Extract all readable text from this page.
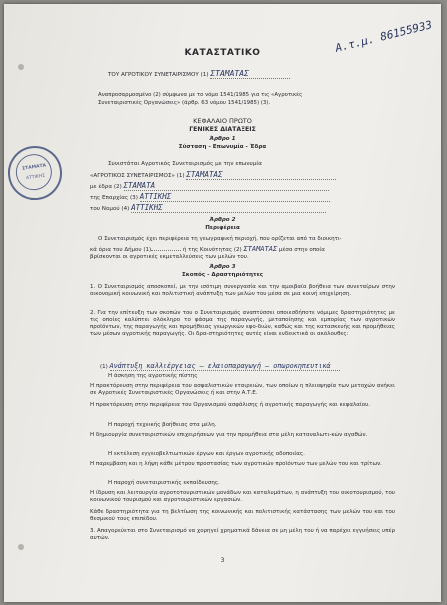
Α.τ.μ. 86155933
ΚΑΤΑΣΤΑΤΙΚΟ
ΤΟΥ ΑΓΡΟΤΙΚΟΥ ΣΥΝΕΤΑΙΡΙΣΜΟΥ (1) ΣΤΑΜΑΤΑΣ
Αναπροσαρμοσμένο (2) σύμφωνα με το νόμο 1541/1985 για τις «Αγροτικές
Συνεταιριστικές Οργανώσεις» (άρθρ. 63 νόμου 1541/1985) (3).
ΚΕΦΑΛΑΙΟ ΠΡΩΤΟ
ΓΕΝΙΚΕΣ ΔΙΑΤΑΞΕΙΣ
Άρθρο 1
Σύσταση - Επωνυμία - Έδρα
ΣΤΑΜΑΤΑ
ΑΤΤΙΚΗΣ
Συνιστάται Αγροτικός Συνεταιρισμός με την επωνυμία
«ΑΓΡΟΤΙΚΟΣ ΣΥΝΕΤΑΙΡΙΣΜΟΣ» (1) ΣΤΑΜΑΤΑΣ
με έδρα (2) ΣΤΑΜΑΤΑ
της Επαρχίας (3) ΑΤΤΙΚΗΣ
του Νομού (4) ΑΤΤΙΚΗΣ
Άρθρο 2
Περιφέρεια
Ο Συνεταιρισμός έχει περιφέρεια τη γεωγραφική περιοχή, που ορίζεται από τα διοικητι-
κά όρια του Δήμου (1)	ή της Κοινότητας (2) ΣΤΑΜΑΤΑΣ μέσα στην οποία
βρίσκονται οι αγροτικές εκμεταλλεύσεις των μελών του.
Άρθρο 3
Σκοπός - Δραστηριότητες
1. Ο Συνεταιρισμός αποσκοπεί, με την ισότιμη συνεργασία και την αμοιβαία βοήθεια των συνεταίρων στην οικονομική κοινωνική και πολιτιστική ανάπτυξη των μελών του μέσα σε μια κοινή επιχείρηση.
2. Για την επίτευξη των σκοπών του ο Συνεταιρισμός αναπτύσσει οποιεσδήποτε νόμιμες δραστηριότητες με τις οποίες καλύπτει ολόκληρο το φάσμα της παραγωγής, μεταποίησης και εμπορίας των αγροτικών προϊόντων, της παραγωγής και προμήθειας γεωργικών εφο-διών, καθώς και της κατασκευής και προμήθειας των μέσων αγροτικής παραγωγής. Οι δρα-στηριότητες αυτές είναι ενδεικτικά οι ακόλουθες:
(1) Ανάπτυξη καλλιέργειας – ελαιοπαραγωγή – οπωροκηπευτικά
Η άσκηση της αγροτικής πίστης
Η πρακτόρευση στην περιφέρεια του ασφαλιστικών εταιρειών, των οποίων η πλειοψηφία των μετοχών ανήκει σε Αγροτικές Συνεταιριστικές Οργανώσεις ή και στην Α.Τ.Ε.
Η πρακτόρευση στην περιφέρεια του Οργανισμού ασφάλισης ή αγροτικής παραγωγής και κεφαλαίου.
Η παροχή τεχνικής βοήθειας στα μέλη.
Η δημιουργία συνεταιριστικών επιχειρήσεων για την προμήθεια στα μέλη καταναλωτι-κών αγαθών.
Η εκτέλεση εγγειοβελτιωτικών έργων και έργων αγροτικής οδοποιίας.
Η παρεμβαση και η λήψη κάθε μέτρου προστασίας των αγροτικών προϊόντων των μελών του και τρίτων.
Η παροχή συνεταιριστικής εκπαίδευσης.
Η ίδρυση και λειτουργία αγροτοτουριστικών μονάδων και καταλυμάτων, η ανάπτυξη του οικοτουρισμού, του κοινωνικού τουρισμού και αγροτουριστικών εργασιών.
Κάθε δραστηριότητα για τη βελτίωση της κοινωνικής και πολιτιστικής κατάστασης των μελών του και του θεσμικού τους επιπέδου.
3. Απαγορεύεται στο Συνεταιρισμό να χορηγεί χρηματικά δάνεια σε μη μέλη του ή να παρέχει εγγυήσεις υπέρ αυτών.
3
